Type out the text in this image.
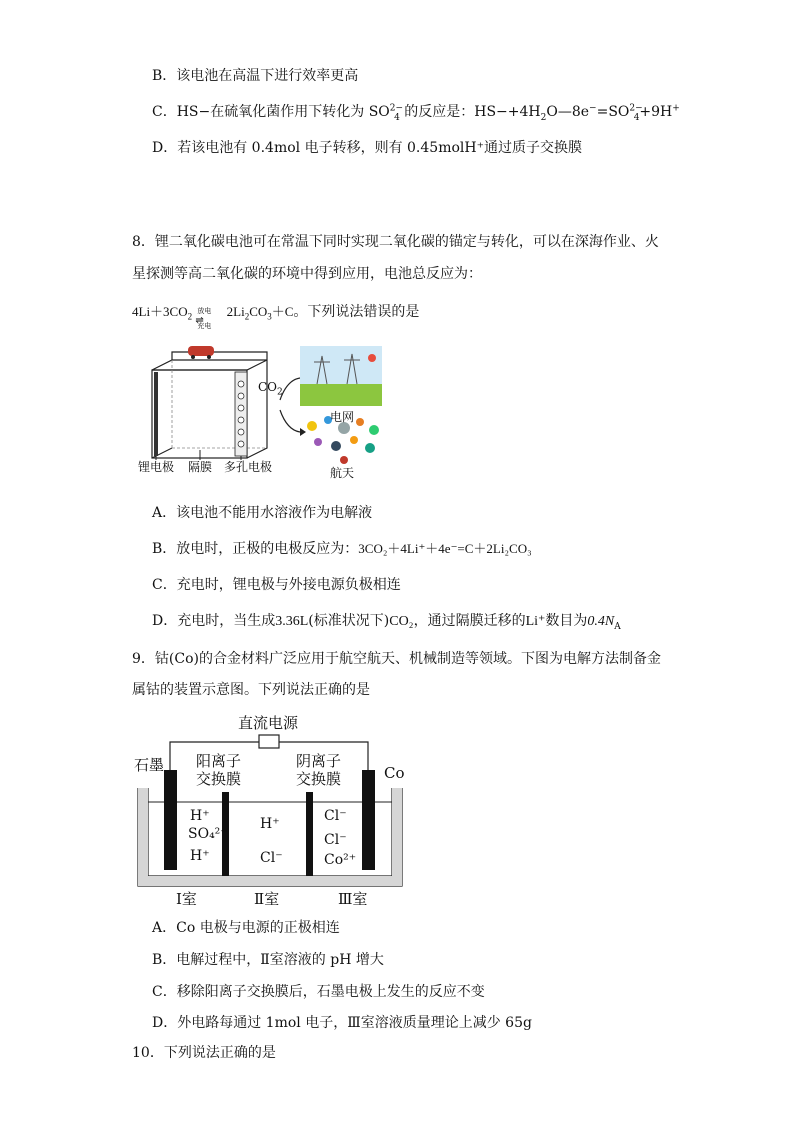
B．该电池在高温下进行效率更高
C．HS−在硫氧化菌作用下转化为 $SO^{2-}_4$ 的反应是：$HS-+4H_2O—8e^-=SO^{2-}_4+9H^+$
D．若该电池有 0.4mol 电子转移，则有 0.45molH⁺通过质子交换膜
8．锂二氧化碳电池可在常温下同时实现二氧化碳的锚定与转化，可以在深海作业、火
星探测等高二氧化碳的环境中得到应用，电池总反应为：
$4Li+3CO_2$
放电
⇌
充电
$2Li_2CO_3+C$。下列说法错误的是
$CO_2$
电网
航天
锂电极 隔膜 多孔电极
A．该电池不能用水溶液作为电解液
B．放电时，正极的电极反应为：3CO₂＋4Li⁺＋4e⁻=C＋2Li₂CO₃
C．充电时，锂电极与外接电源负极相连
D．充电时，当生成3.36L(标准状况下)CO₂，通过隔膜迁移的Li⁺数目为$0.4N_A$
9．钴(Co)的合金材料广泛应用于航空航天、机械制造等领域。下图为电解方法制备金
属钴的装置示意图。下列说法正确的是
直流电源
石墨 阳离子
交换膜
阴离子
交换膜	Co
H⁺
SO₄²⁻
H⁺
H⁺
Cl⁻
Cl⁻
Cl⁻
Co²⁺
Ⅰ室	Ⅱ室	Ⅲ室
A．Co 电极与电源的正极相连
B．电解过程中，Ⅱ室溶液的 pH 增大
C．移除阳离子交换膜后，石墨电极上发生的反应不变
D．外电路每通过 1mol 电子，Ⅲ室溶液质量理论上减少 65g
10．下列说法正确的是
